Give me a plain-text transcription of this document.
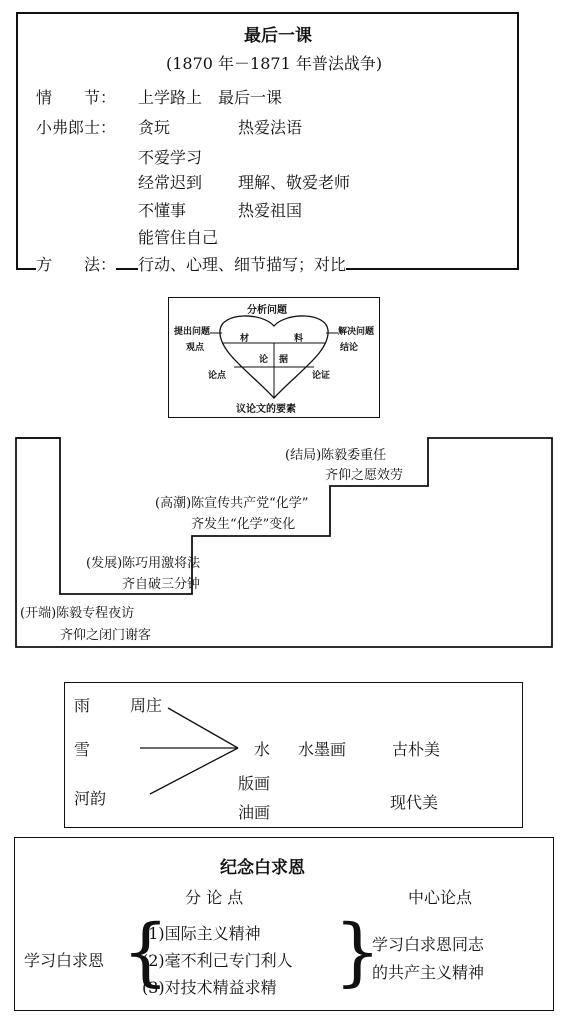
最后一课
(1870 年－1871 年普法战争)
情　　节： 上学路上　最后一课
小弗郎士： 贪玩	热爱法语
不爱学习
经常迟到 理解、敬爱老师
不懂事	热爱祖国
能管住自己
方　　法： 行动、心理、细节描写；对比
分析问题
提出问题
观点
解决问题
结论
材	料
论 据
论点	论证
议论文的要素
(结局)陈毅委重任
齐仰之愿效劳
(高潮)陈宣传共产党“化学”
齐发生“化学”变化
(发展)陈巧用激将法
齐自破三分钟
(开端)陈毅专程夜访
齐仰之闭门谢客
雨 周庄
雪
河韵
水 水墨画	古朴美
版画
油画
现代美
纪念白求恩
分 论 点	中心论点
学习白求恩 {
(1)国际主义精神
(2)毫不利己专门利人
(3)对技术精益求精 }
学习白求恩同志
的共产主义精神
